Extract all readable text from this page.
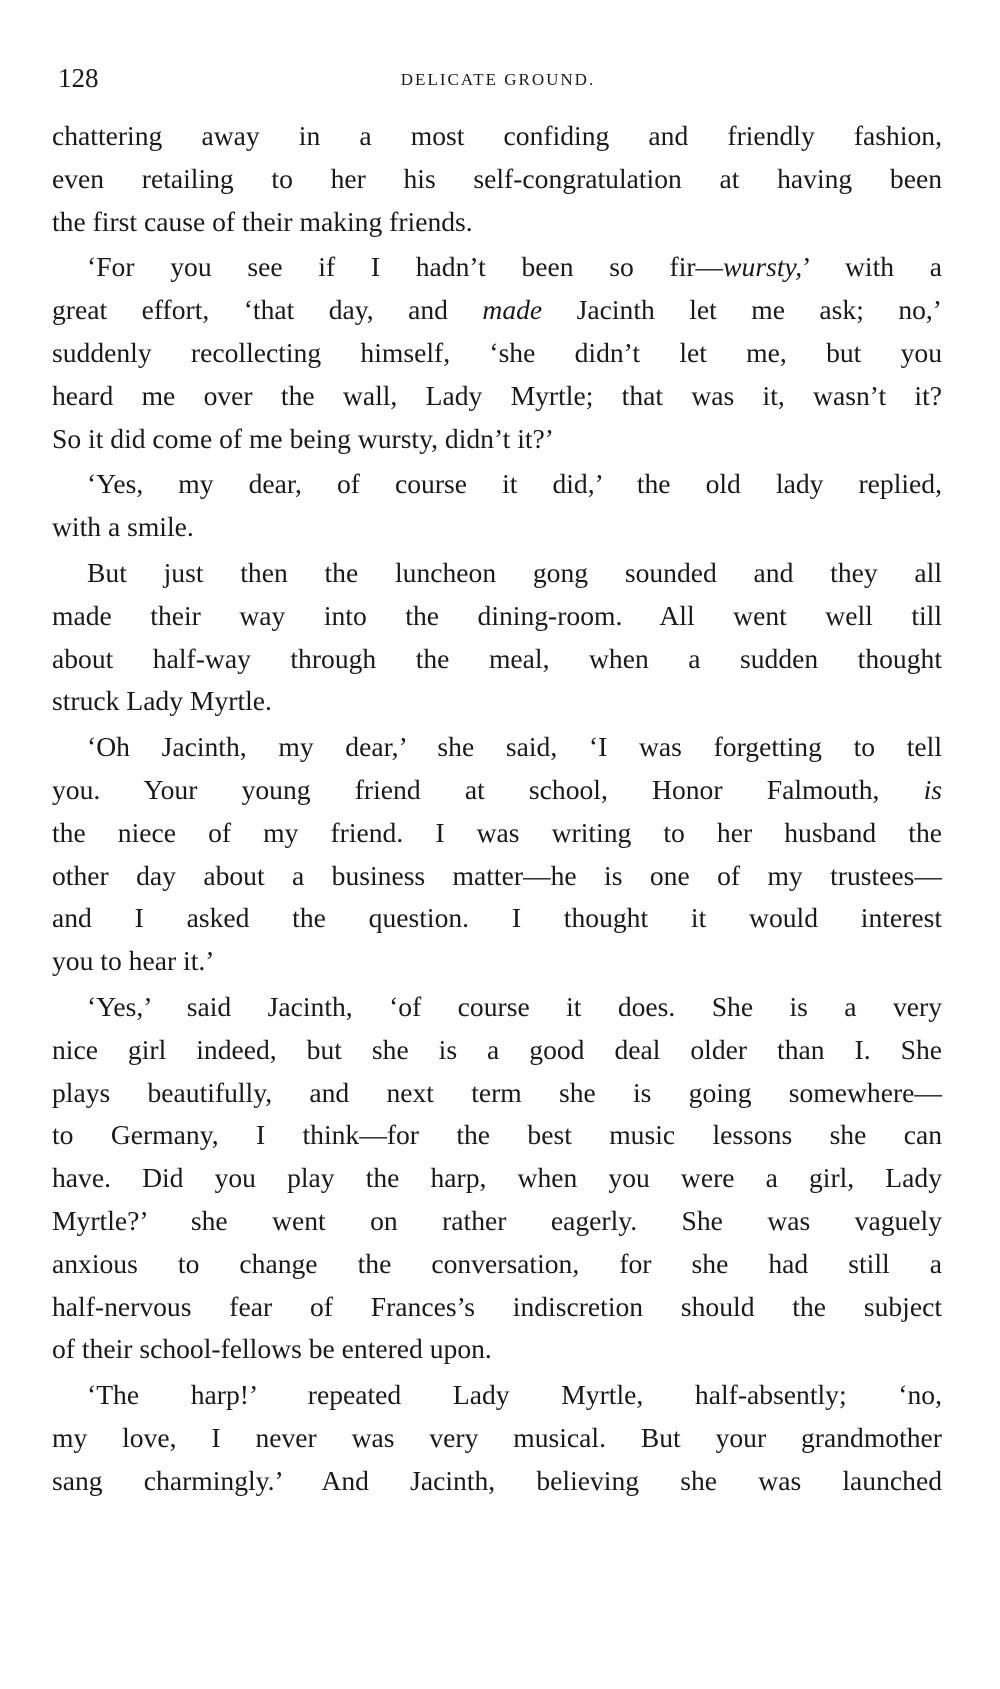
128	DELICATE GROUND.
chattering away in a most confiding and friendly fashion,
even retailing to her his self-congratulation at having been
the first cause of their making friends.
‘For you see if I hadn’t been so fir—wursty,’ with a
great effort, ‘that day, and made Jacinth let me ask; no,’
suddenly recollecting himself, ‘she didn’t let me, but you
heard me over the wall, Lady Myrtle; that was it, wasn’t it?
So it did come of me being wursty, didn’t it?’
‘Yes, my dear, of course it did,’ the old lady replied,
with a smile.
But just then the luncheon gong sounded and they all
made their way into the dining-room. All went well till
about half-way through the meal, when a sudden thought
struck Lady Myrtle.
‘Oh Jacinth, my dear,’ she said, ‘I was forgetting to tell
you. Your young friend at school, Honor Falmouth, is
the niece of my friend. I was writing to her husband the
other day about a business matter—he is one of my trustees—
and I asked the question. I thought it would interest
you to hear it.’
‘Yes,’ said Jacinth, ‘of course it does. She is a very
nice girl indeed, but she is a good deal older than I. She
plays beautifully, and next term she is going somewhere—
to Germany, I think—for the best music lessons she can
have. Did you play the harp, when you were a girl, Lady
Myrtle?’ she went on rather eagerly. She was vaguely
anxious to change the conversation, for she had still a
half-nervous fear of Frances’s indiscretion should the subject
of their school-fellows be entered upon.
‘The harp!’ repeated Lady Myrtle, half-absently; ‘no,
my love, I never was very musical. But your grandmother
sang charmingly.’ And Jacinth, believing she was launched
